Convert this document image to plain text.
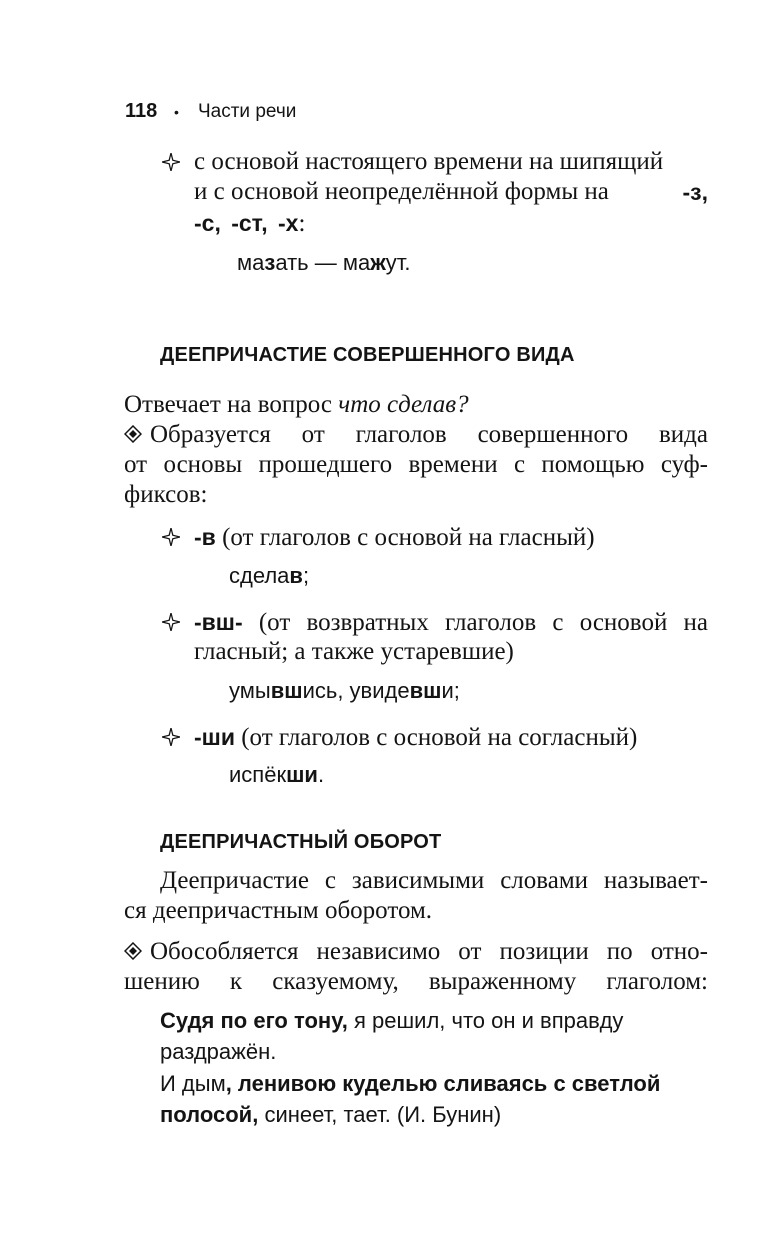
118 • Части речи
с основой настоящего времени на шипящий
и с основой неопределённой формы на	-з,
-с, -ст, -х:
мазать — мажут.
ДЕЕПРИЧАСТИЕ СОВЕРШЕННОГО ВИДА
Отвечает на вопрос что сделав?
Образуется от глаголов совершенного вида
от основы прошедшего времени с помощью суф-
фиксов:
-в (от глаголов с основой на гласный)
сделав;
-вш- (от возвратных глаголов с основой на
гласный; а также устаревшие)
умывшись, увидевши;
-ши (от глаголов с основой на согласный)
испёкши.
ДЕЕПРИЧАСТНЫЙ ОБОРОТ
Деепричастие с зависимыми словами называет-
ся деепричастным оборотом.
Обособляется независимо от позиции по отно-
шению к сказуемому, выраженному глаголом:
Судя по его тону, я решил, что он и вправду
раздражён.
И дым, ленивою куделью сливаясь с светлой
полосой, синеет, тает. (И. Бунин)
